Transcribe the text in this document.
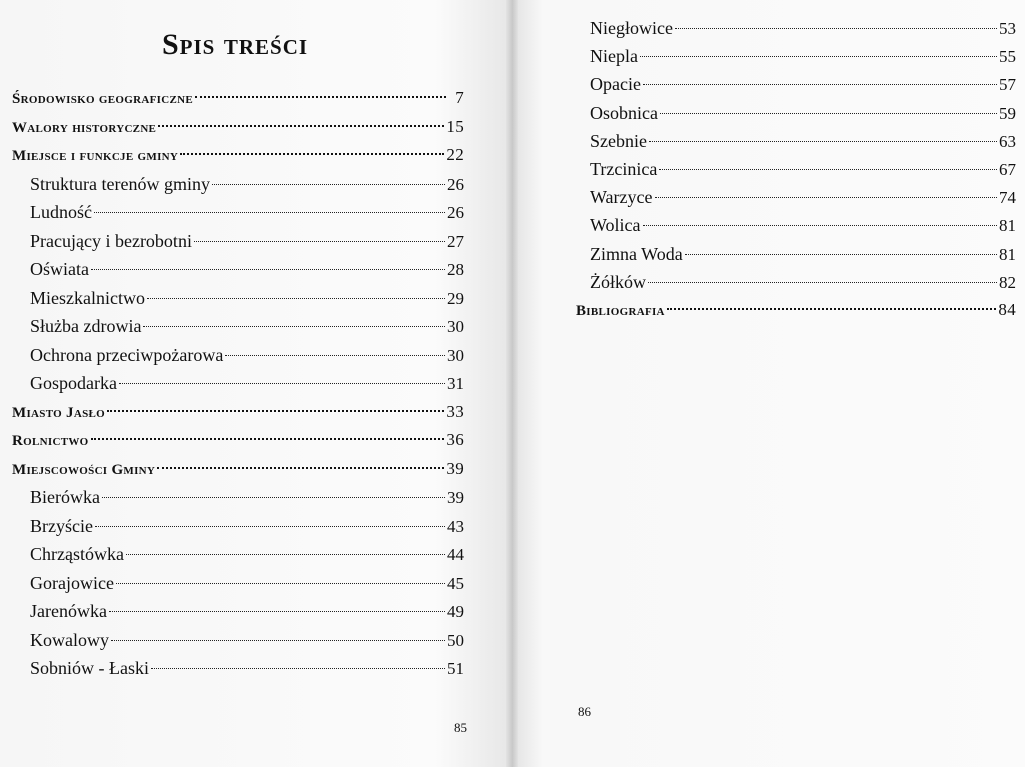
Spis treści
Środowisko geograficzne	7
Walory historyczne	15
Miejsce i funkcje gminy	22
Struktura terenów gminy	26
Ludność	26
Pracujący i bezrobotni	27
Oświata	28
Mieszkalnictwo	29
Służba zdrowia	30
Ochrona przeciwpożarowa	30
Gospodarka	31
Miasto Jasło	33
Rolnictwo	36
Miejscowości Gminy	39
Bierówka	39
Brzyście	43
Chrząstówka	44
Gorajowice	45
Jarenówka	49
Kowalowy	50
Sobniów - Łaski	51
85
Niegłowice	53
Niepla	55
Opacie	57
Osobnica	59
Szebnie	63
Trzcinica	67
Warzyce	74
Wolica	81
Zimna Woda	81
Żółków	82
Bibliografia	84
86
